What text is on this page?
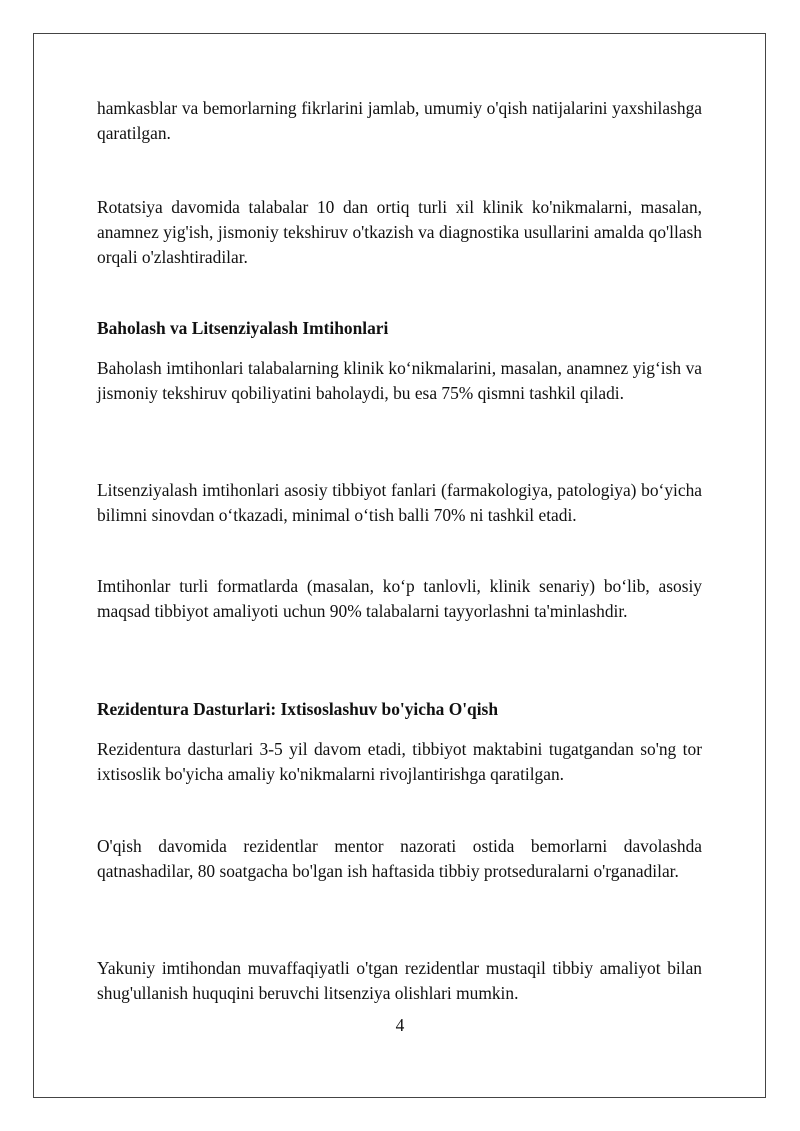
hamkasblar va bemorlarning fikrlarini jamlab, umumiy o'qish natijalarini yaxshilashga qaratilgan.

Rotatsiya davomida talabalar 10 dan ortiq turli xil klinik ko'nikmalarni, masalan, anamnez yig'ish, jismoniy tekshiruv o'tkazish va diagnostika usullarini amalda qo'llash orqali o'zlashtiradilar.

Baholash va Litsenziyalash Imtihonlari

Baholash imtihonlari talabalarning klinik ko‘nikmalarini, masalan, anamnez yig‘ish va jismoniy tekshiruv qobiliyatini baholaydi, bu esa 75% qismni tashkil qiladi.

Litsenziyalash imtihonlari asosiy tibbiyot fanlari (farmakologiya, patologiya) bo‘yicha bilimni sinovdan o‘tkazadi, minimal o‘tish balli 70% ni tashkil etadi.

Imtihonlar turli formatlarda (masalan, ko‘p tanlovli, klinik senariy) bo‘lib, asosiy maqsad tibbiyot amaliyoti uchun 90% talabalarni tayyorlashni ta'minlashdir.

Rezidentura Dasturlari: Ixtisoslashuv bo'yicha O'qish

Rezidentura dasturlari 3-5 yil davom etadi, tibbiyot maktabini tugatgandan so'ng tor ixtisoslik bo'yicha amaliy ko'nikmalarni rivojlantirishga qaratilgan.

O'qish davomida rezidentlar mentor nazorati ostida bemorlarni davolashda qatnashadilar, 80 soatgacha bo'lgan ish haftasida tibbiy protseduralarni o'rganadilar.

Yakuniy imtihondan muvaffaqiyatli o'tgan rezidentlar mustaqil tibbiy amaliyot bilan shug'ullanish huquqini beruvchi litsenziya olishlari mumkin.

4
